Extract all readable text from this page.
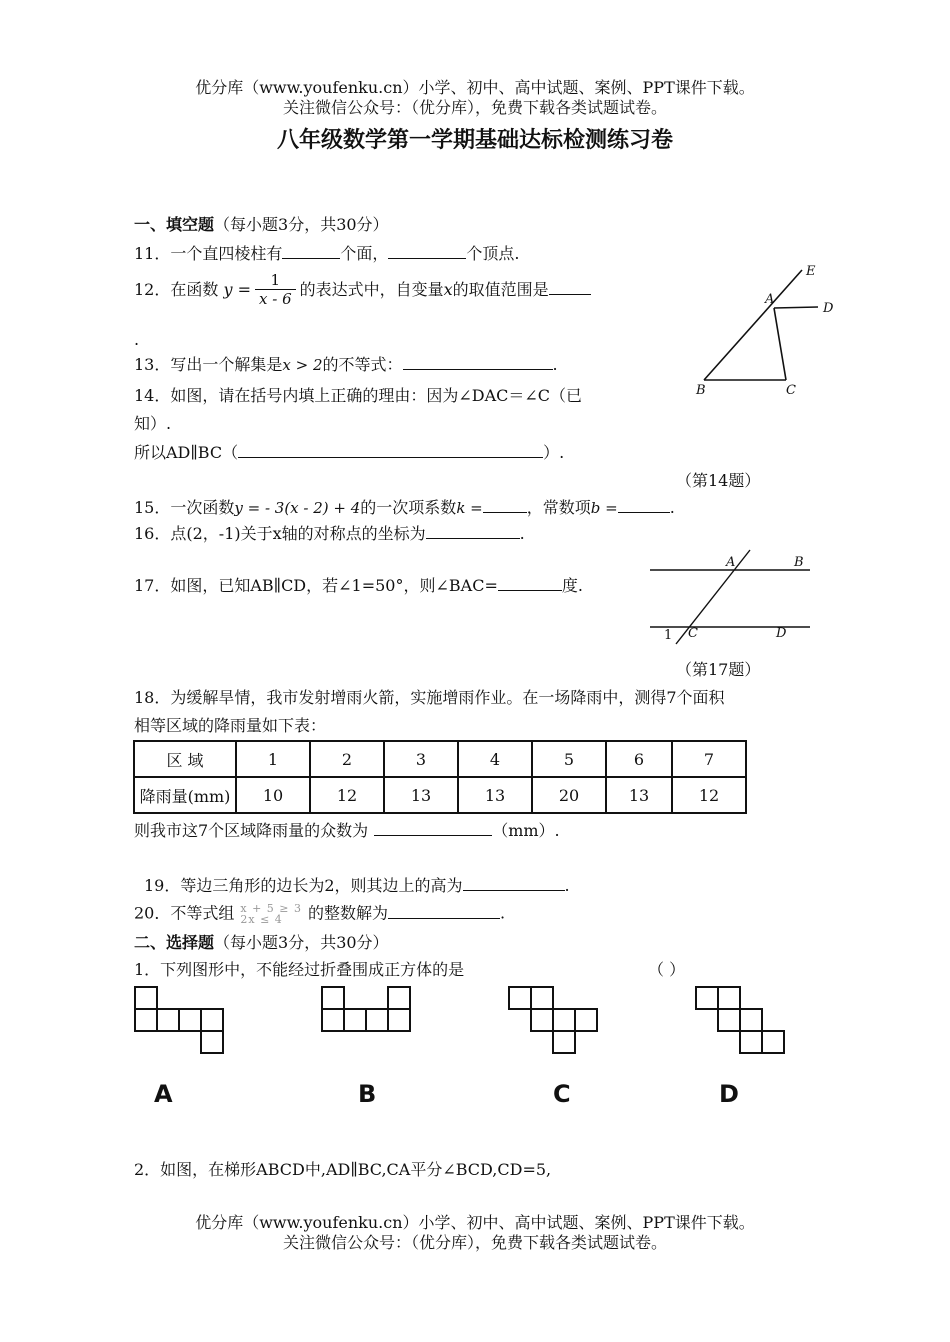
优分库（www.youfenku.cn）小学、初中、高中试题、案例、PPT课件下载。
关注微信公众号：（优分库），免费下载各类试题试卷。
八年级数学第一学期基础达标检测练习卷
一、填空题（每小题3分，共30分）
11．一个直四棱柱有	个面，	个顶点.
12．在函数 $y = \frac{1}{x - 6}$ 的表达式中，自变量x的取值范围是
.
13．写出一个解集是x > 2的不等式：	.
14．如图，请在括号内填上正确的理由：因为∠DAC＝∠C（已
知）.
所以AD∥BC（	）.
（第14题）
E
A
D
B	C
15．一次函数y = - 3(x - 2) + 4的一次项系数k =	，常数项b =	.
16．点(2，-1)关于x轴的对称点的坐标为	.
17．如图，已知AB∥CD，若∠1=50°，则∠BAC=	度.
（第17题）
A	B
1 C	D
18．为缓解旱情，我市发射增雨火箭，实施增雨作业。在一场降雨中，测得7个面积
相等区域的降雨量如下表：
区 域	1	2	3	4	5	6	7
降雨量(mm)	10	12	13	13	20	13	12
则我市这7个区域降雨量的众数为	（mm）.
19．等边三角形的边长为2，则其边上的高为	.
20．不等式组 x + 5 ≥ 3
2x ≤ 4	的整数解为	.
二、选择题（每小题3分，共30分）
1．下列图形中，不能经过折叠围成正方体的是	（ ）
A	B	C	D
2．如图，在梯形ABCD中,AD∥BC,CA平分∠BCD,CD=5,
优分库（www.youfenku.cn）小学、初中、高中试题、案例、PPT课件下载。
关注微信公众号：（优分库），免费下载各类试题试卷。
